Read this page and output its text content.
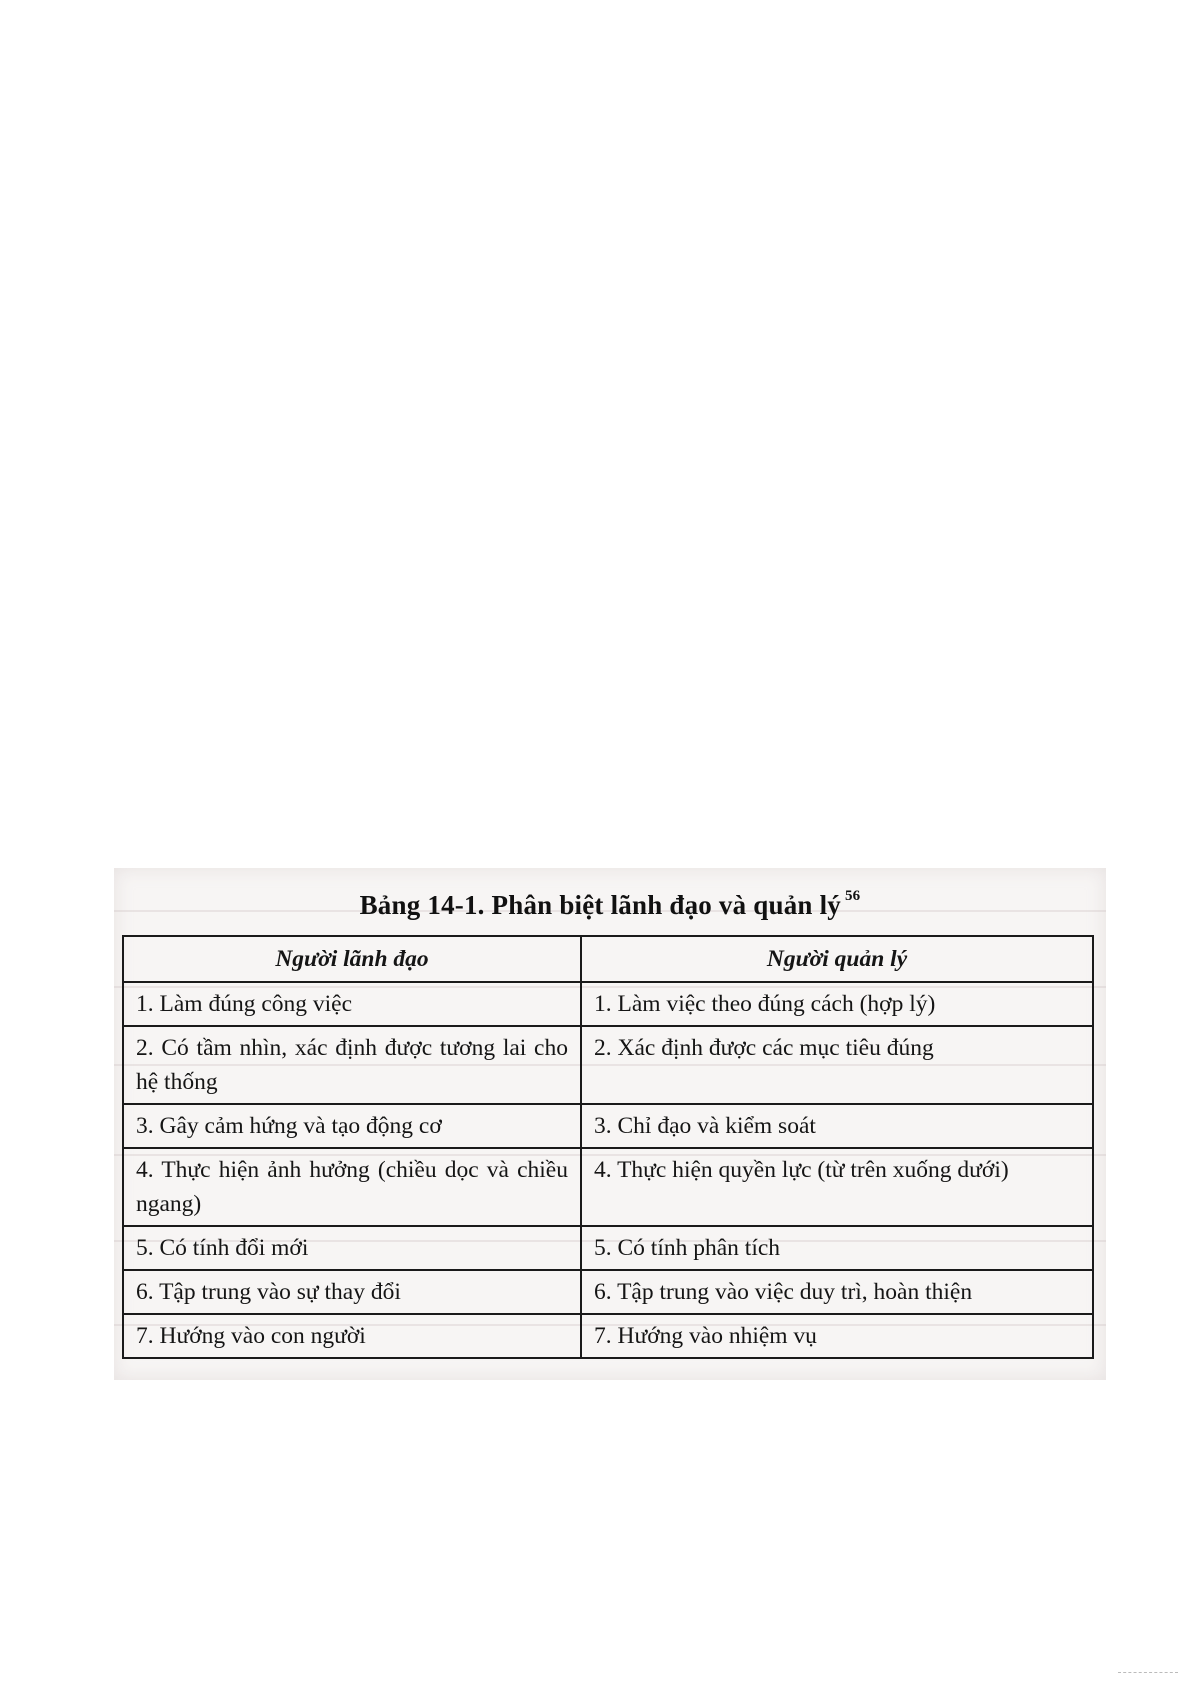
Bảng 14-1. Phân biệt lãnh đạo và quản lý $^{56}$
Người lãnh đạo	Người quản lý
1. Làm đúng công việc	1. Làm việc theo đúng cách (hợp lý)
2. Có tầm nhìn, xác định được tương lai cho hệ thống	2. Xác định được các mục tiêu đúng
3. Gây cảm hứng và tạo động cơ	3. Chỉ đạo và kiểm soát
4. Thực hiện ảnh hưởng (chiều dọc và chiều ngang)	4. Thực hiện quyền lực (từ trên xuống dưới)
5. Có tính đổi mới	5. Có tính phân tích
6. Tập trung vào sự thay đổi	6. Tập trung vào việc duy trì, hoàn thiện
7. Hướng vào con người	7. Hướng vào nhiệm vụ
